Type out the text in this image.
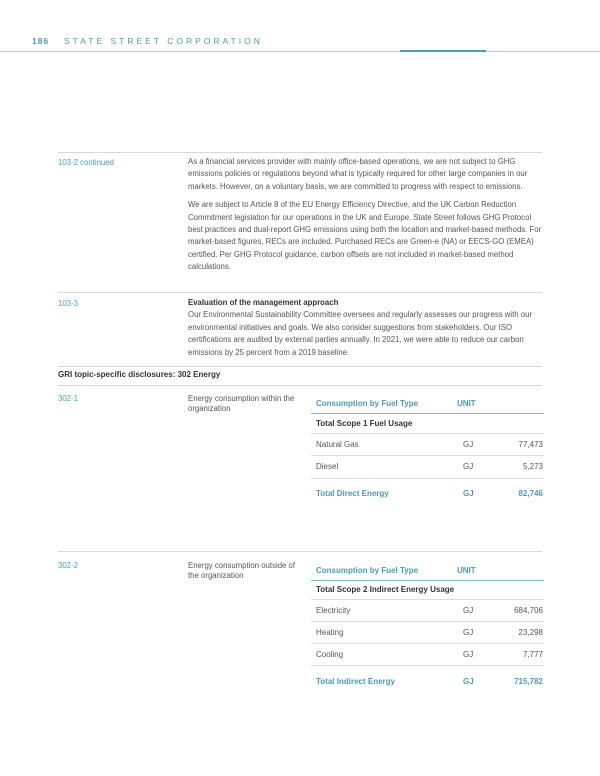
186 STATE STREET CORPORATION
103-2 continued	As a financial services provider with mainly office-based operations, we are not subject to GHG emissions policies or regulations beyond what is typically required for other large companies in our markets. However, on a voluntary basis, we are committed to progress with respect to emissions.

We are subject to Article 8 of the EU Energy Efficiency Directive, and the UK Carbon Reduction Commitment legislation for our operations in the UK and Europe. State Street follows GHG Protocol best practices and dual-report GHG emissions using both the location and market-based methods. For market-based figures, RECs are included. Purchased RECs are Green-e (NA) or EECS-GO (EMEA) certified. Per GHG Protocol guidance, carbon offsets are not included in market-based method calculations.

103-3	Evaluation of the management approach
Our Environmental Sustainability Committee oversees and regularly assesses our progress with our environmental initiatives and goals. We also consider suggestions from stakeholders. Our ISO certifications are audited by external parties annually. In 2021, we were able to reduce our carbon emissions by 25 percent from a 2019 baseline.
GRI topic-specific disclosures: 302 Energy
302-1	Energy consumption within the organization
Consumption by Fuel Type	UNIT
Total Scope 1 Fuel Usage
Natural Gas	GJ	77,473
Diesel	GJ	5,273
Total Direct Energy	GJ	82,746
302-2	Energy consumption outside of the organization
Consumption by Fuel Type	UNIT
Total Scope 2 Indirect Energy Usage
Electricity	GJ	684,706
Heating	GJ	23,298
Cooling	GJ	7,777
Total Indirect Energy	GJ	715,782
